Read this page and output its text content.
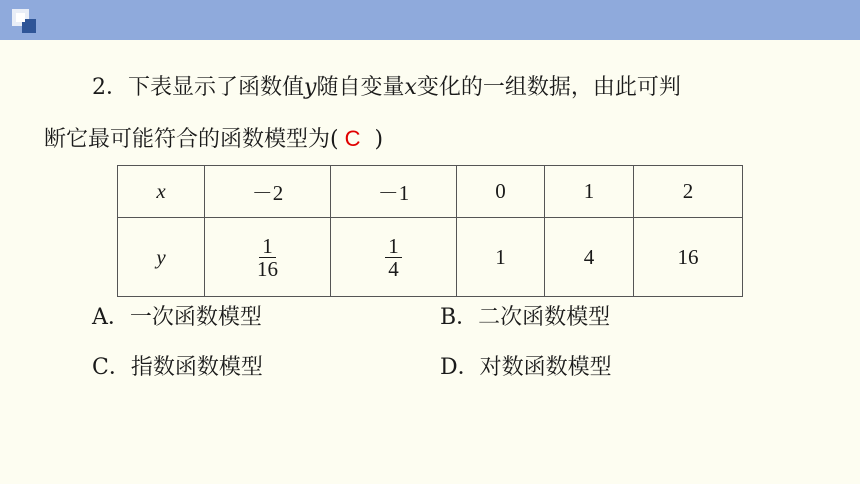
2．下表显示了函数值y随自变量x变化的一组数据，由此可判
断它最可能符合的函数模型为( C )
x	－2	－1	0	1	2
y	$\frac{1}{16}$	$\frac{1}{4}$	1	4	16
A．一次函数模型	B．二次函数模型
C．指数函数模型	D．对数函数模型
